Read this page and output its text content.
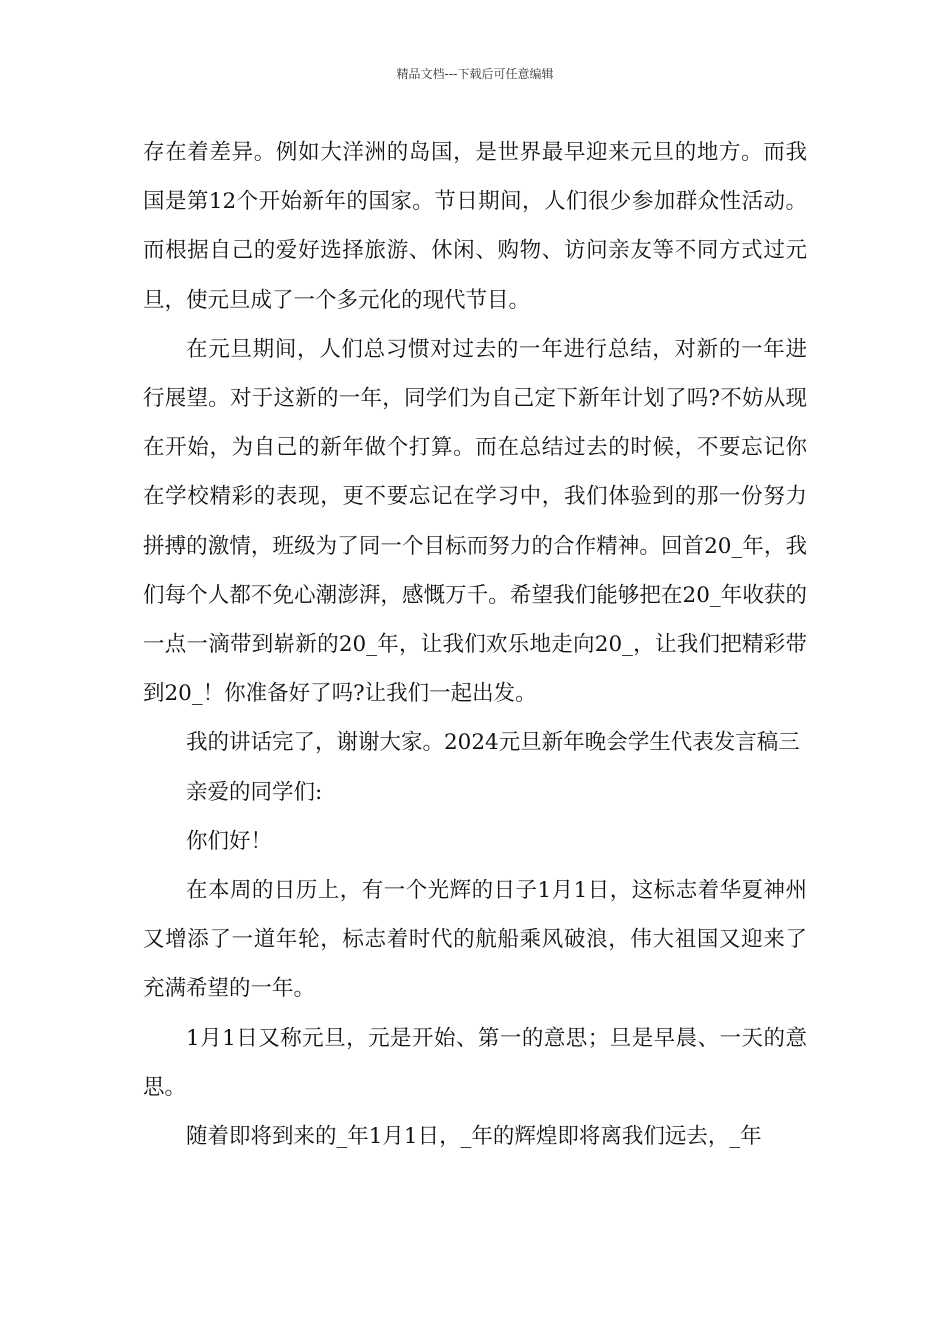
精品文档---下载后可任意编辑

存在着差异。例如大洋洲的岛国，是世界最早迎来元旦的地方。而我国是第12个开始新年的国家。节日期间，人们很少参加群众性活动。而根据自己的爱好选择旅游、休闲、购物、访问亲友等不同方式过元旦，使元旦成了一个多元化的现代节目。

在元旦期间，人们总习惯对过去的一年进行总结，对新的一年进行展望。对于这新的一年，同学们为自己定下新年计划了吗?不妨从现在开始，为自己的新年做个打算。而在总结过去的时候，不要忘记你在学校精彩的表现，更不要忘记在学习中，我们体验到的那一份努力拼搏的激情，班级为了同一个目标而努力的合作精神。回首20_年，我们每个人都不免心潮澎湃，感慨万千。希望我们能够把在20_年收获的一点一滴带到崭新的20_年，让我们欢乐地走向20_，让我们把精彩带到20_！你准备好了吗?让我们一起出发。

我的讲话完了，谢谢大家。2024元旦新年晚会学生代表发言稿三

亲爱的同学们:

你们好！

在本周的日历上，有一个光辉的日子1月1日，这标志着华夏神州又增添了一道年轮，标志着时代的航船乘风破浪，伟大祖国又迎来了充满希望的一年。

1月1日又称元旦，元是开始、第一的意思；旦是早晨、一天的意思。

随着即将到来的_年1月1日，_年的辉煌即将离我们远去，_年
